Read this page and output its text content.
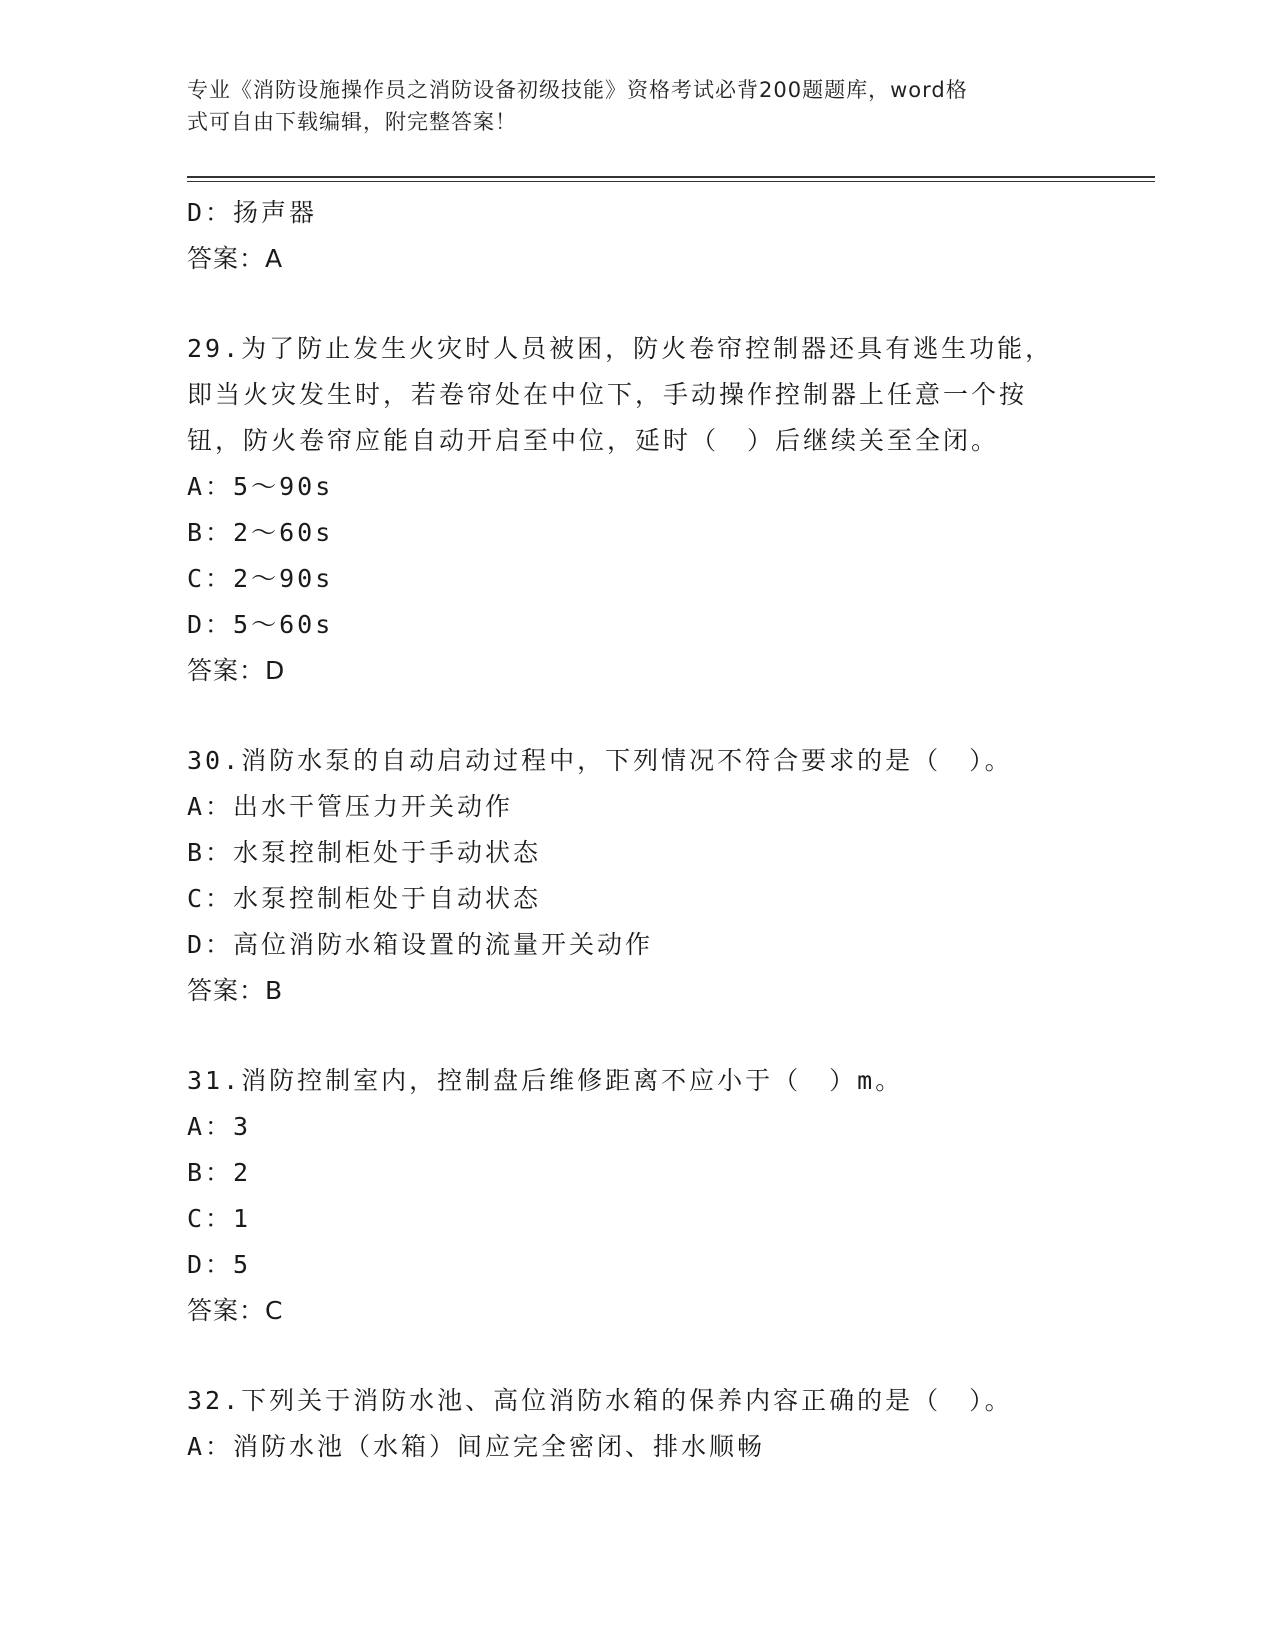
专业《消防设施操作员之消防设备初级技能》资格考试必背200题题库，word格
式可自由下载编辑，附完整答案！
D：扬声器
答案：A
29.为了防止发生火灾时人员被困，防火卷帘控制器还具有逃生功能，
即当火灾发生时，若卷帘处在中位下，手动操作控制器上任意一个按
钮，防火卷帘应能自动开启至中位，延时（　）后继续关至全闭。
A：5～90s
B：2～60s
C：2～90s
D：5～60s
答案：D
30.消防水泵的自动启动过程中，下列情况不符合要求的是（　）。
A：出水干管压力开关动作
B：水泵控制柜处于手动状态
C：水泵控制柜处于自动状态
D：高位消防水箱设置的流量开关动作
答案：B
31.消防控制室内，控制盘后维修距离不应小于（　）m。
A：3
B：2
C：1
D：5
答案：C
32.下列关于消防水池、高位消防水箱的保养内容正确的是（　）。
A：消防水池（水箱）间应完全密闭、排水顺畅
